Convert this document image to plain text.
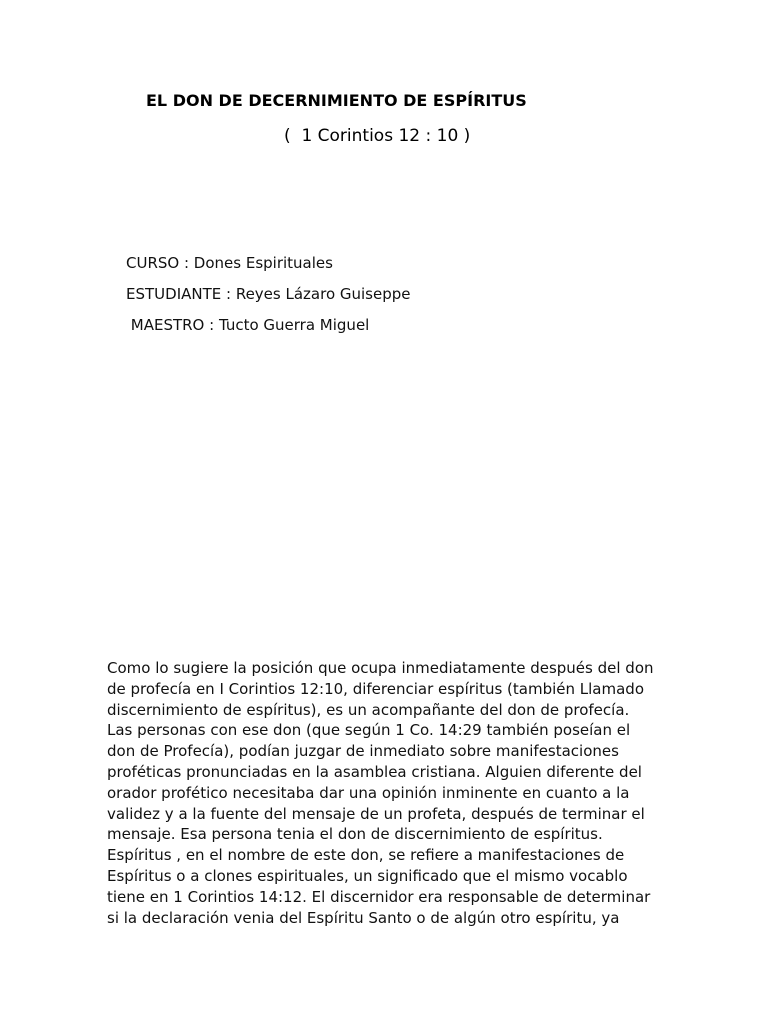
EL DON DE DECERNIMIENTO DE ESPÍRITUS
(  1 Corintios 12 : 10 )
CURSO : Dones Espirituales
ESTUDIANTE : Reyes Lázaro Guiseppe
MAESTRO : Tucto Guerra Miguel
Como lo sugiere la posición que ocupa inmediatamente después del don
de profecía en I Corintios 12:10, diferenciar espíritus (también Llamado
discernimiento de espíritus), es un acompañante del don de profecía.
Las personas con ese don (que según 1 Co. 14:29 también poseían el
don de Profecía), podían juzgar de inmediato sobre manifestaciones
proféticas pronunciadas en la asamblea cristiana. Alguien diferente del
orador profético necesitaba dar una opinión inminente en cuanto a la
validez y a la fuente del mensaje de un profeta, después de terminar el
mensaje. Esa persona tenia el don de discernimiento de espíritus.
Espíritus , en el nombre de este don, se refiere a manifestaciones de
Espíritus o a clones espirituales, un significado que el mismo vocablo
tiene en 1 Corintios 14:12. El discernidor era responsable de determinar
si la declaración venia del Espíritu Santo o de algún otro espíritu, ya
